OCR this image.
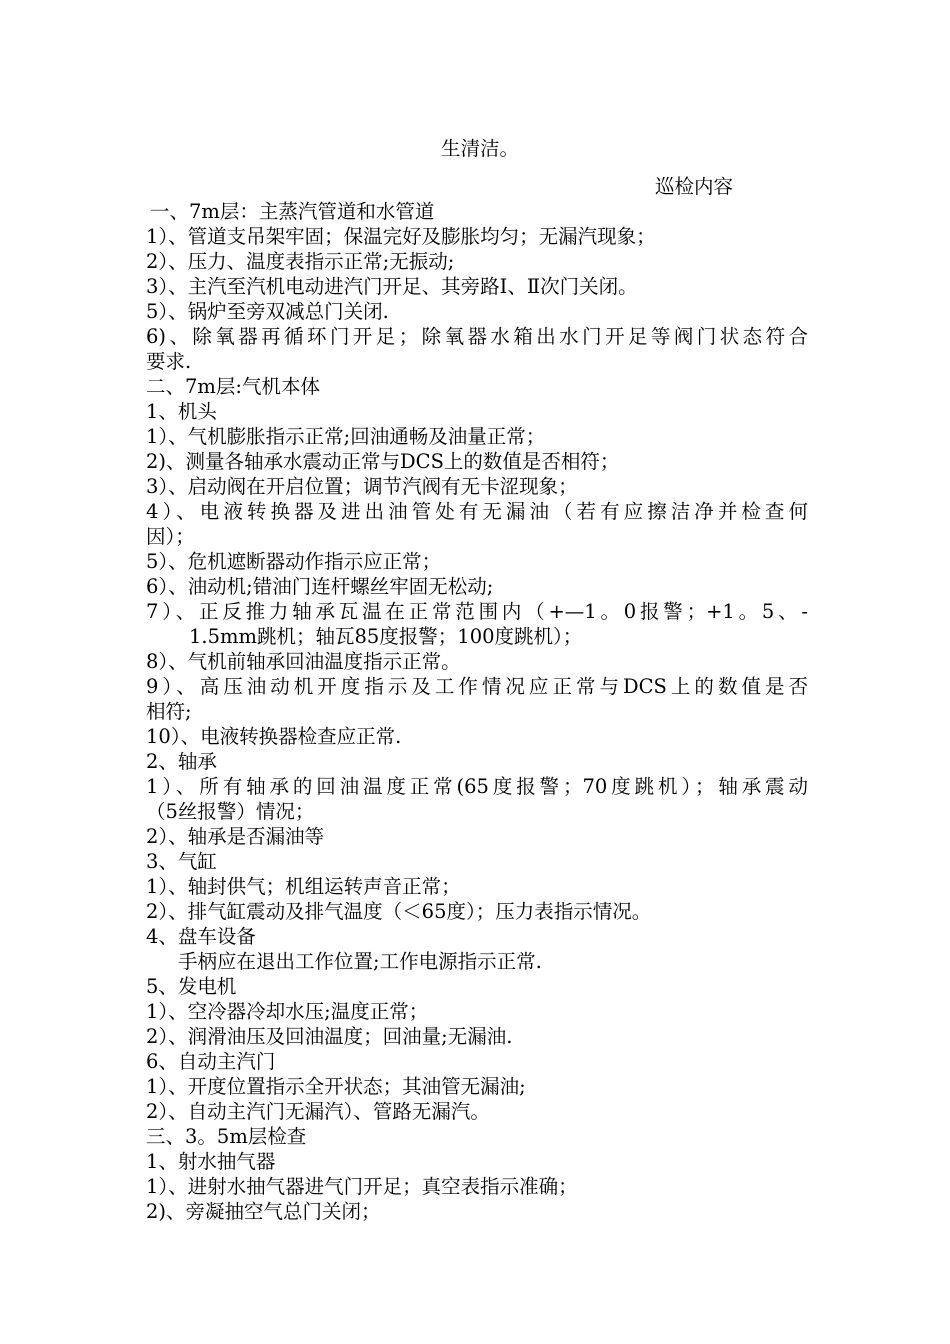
生清洁。
巡检内容
一、7m层：主蒸汽管道和水管道
1）、管道支吊架牢固；保温完好及膨胀均匀；无漏汽现象；
2）、压力、温度表指示正常;无振动;
3）、主汽至汽机电动进汽门开足、其旁路Ⅰ、Ⅱ次门关闭。
5）、锅炉至旁双减总门关闭.
6)、除氧器再循环门开足；除氧器水箱出水门开足等阀门状态符合
要求.
二、7m层:气机本体
1、机头
1）、气机膨胀指示正常;回油通畅及油量正常；
2)、测量各轴承水震动正常与DCS上的数值是否相符；
3）、启动阀在开启位置；调节汽阀有无卡涩现象；
4）、电液转换器及进出油管处有无漏油（若有应擦洁净并检查何
因）；
5）、危机遮断器动作指示应正常；
6）、油动机;错油门连杆螺丝牢固无松动;
7）、正反推力轴承瓦温在正常范围内（+—1。0报警；+1。5、-
1.5mm跳机；轴瓦85度报警；100度跳机）；
8）、气机前轴承回油温度指示正常。
9）、高压油动机开度指示及工作情况应正常与DCS上的数值是否
相符;
10）、电液转换器检查应正常.
2、轴承
1）、所有轴承的回油温度正常(65度报警；70度跳机）；轴承震动
（5丝报警）情况；
2）、轴承是否漏油等
3、气缸
1）、轴封供气；机组运转声音正常；
2）、排气缸震动及排气温度（＜65度）；压力表指示情况。
4、盘车设备
手柄应在退出工作位置;工作电源指示正常.
5、发电机
1）、空冷器冷却水压;温度正常；
2）、润滑油压及回油温度；回油量;无漏油.
6、自动主汽门
1）、开度位置指示全开状态；其油管无漏油;
2）、自动主汽门无漏汽）、管路无漏汽。
三、3。5m层检查
1、射水抽气器
1）、进射水抽气器进气门开足；真空表指示准确；
2)、旁凝抽空气总门关闭；
